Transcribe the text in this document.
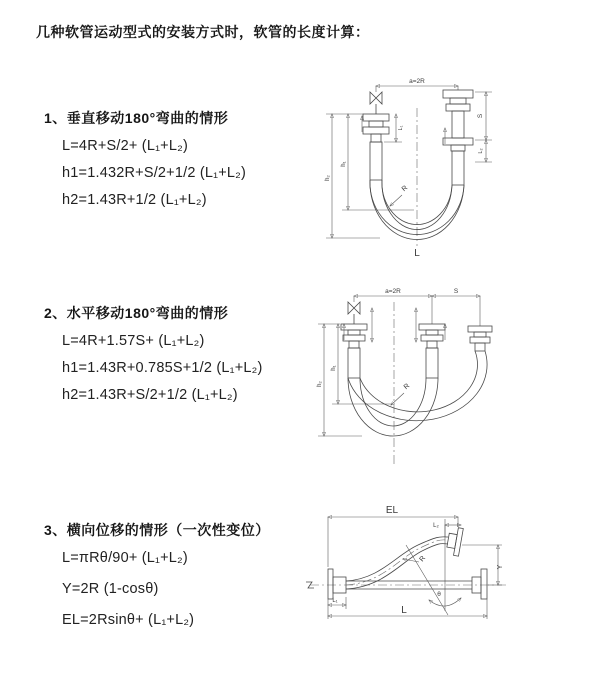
几种软管运动型式的安装方式时，软管的长度计算：
1、垂直移动180°弯曲的情形
L=4R+S/2+ (L₁+L₂)
h1=1.432R+S/2+1/2 (L₁+L₂)
h2=1.43R+1/2 (L₁+L₂)
2、水平移动180°弯曲的情形
L=4R+1.57S+ (L₁+L₂)
h1=1.43R+0.785S+1/2 (L₁+L₂)
h2=1.43R+S/2+1/2 (L₁+L₂)
3、横向位移的情形（一次性变位）
L=πRθ/90+ (L₁+L₂)
Y=2R (1-cosθ)
EL=2Rsinθ+ (L₁+L₂)
a=2R
L₁
S
L₂
h₂
h₁
R
L
a=2R	S
h₁
h₂	R
EL
L₂
Y
θ
R
L₁
L
